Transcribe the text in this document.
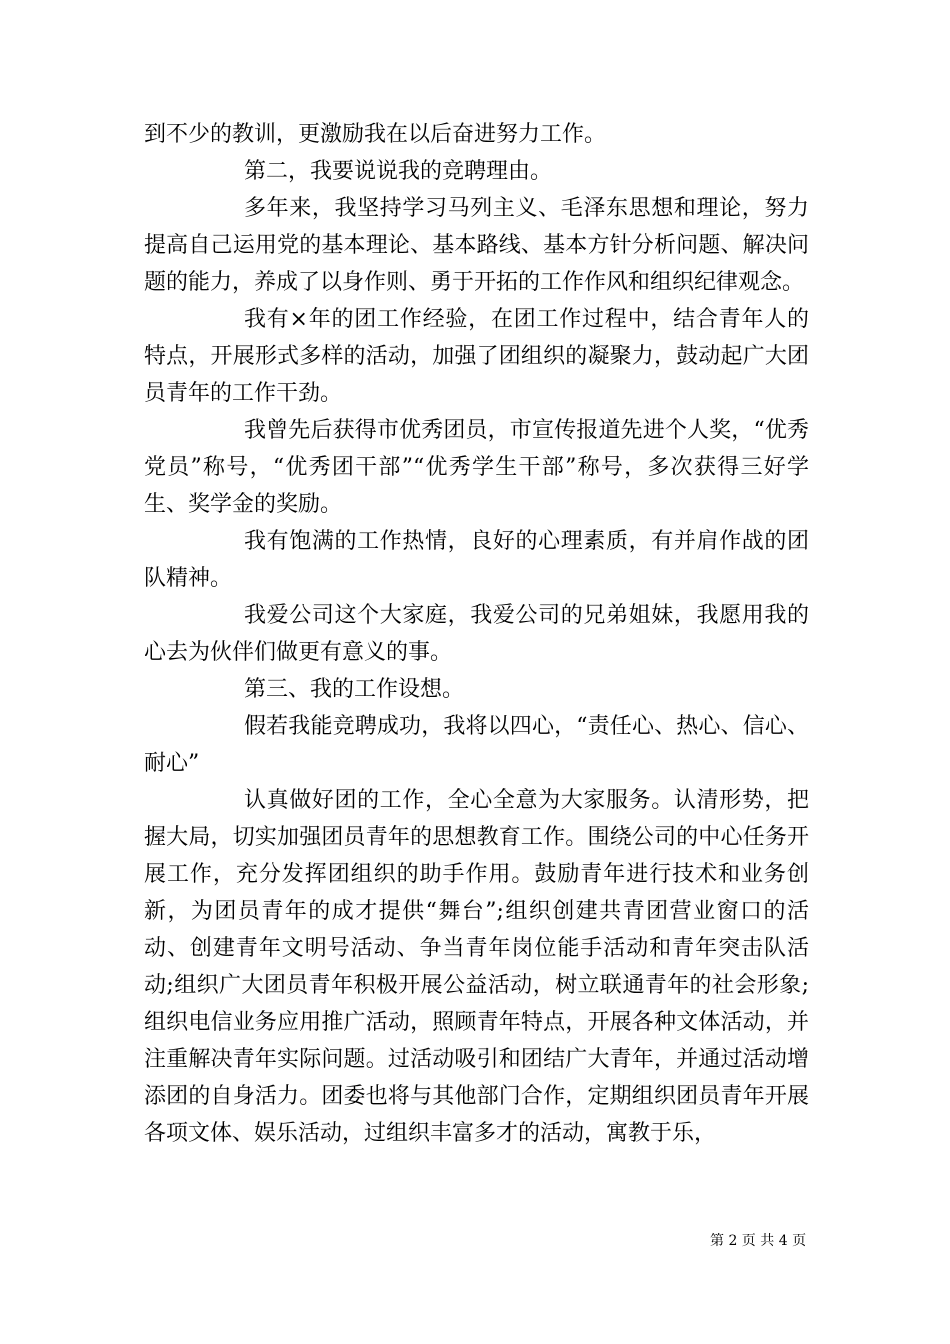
到不少的教训，更激励我在以后奋进努力工作。

第二，我要说说我的竞聘理由。

多年来，我坚持学习马列主义、毛泽东思想和理论，努力提高自己运用党的基本理论、基本路线、基本方针分析问题、解决问题的能力，养成了以身作则、勇于开拓的工作作风和组织纪律观念。

我有×年的团工作经验，在团工作过程中，结合青年人的特点，开展形式多样的活动，加强了团组织的凝聚力，鼓动起广大团员青年的工作干劲。

我曾先后获得市优秀团员，市宣传报道先进个人奖，“优秀党员”称号，“优秀团干部”“优秀学生干部”称号，多次获得三好学生、奖学金的奖励。

我有饱满的工作热情，良好的心理素质，有并肩作战的团队精神。

我爱公司这个大家庭，我爱公司的兄弟姐妹，我愿用我的心去为伙伴们做更有意义的事。

第三、我的工作设想。

假若我能竞聘成功，我将以四心，“责任心、热心、信心、耐心”

认真做好团的工作，全心全意为大家服务。认清形势，把握大局，切实加强团员青年的思想教育工作。围绕公司的中心任务开展工作，充分发挥团组织的助手作用。鼓励青年进行技术和业务创新，为团员青年的成才提供“舞台”;组织创建共青团营业窗口的活动、创建青年文明号活动、争当青年岗位能手活动和青年突击队活动;组织广大团员青年积极开展公益活动，树立联通青年的社会形象;组织电信业务应用推广活动，照顾青年特点，开展各种文体活动，并注重解决青年实际问题。过活动吸引和团结广大青年，并通过活动增添团的自身活力。团委也将与其他部门合作，定期组织团员青年开展各项文体、娱乐活动，过组织丰富多才的活动，寓教于乐，

第 2 页 共 4 页
